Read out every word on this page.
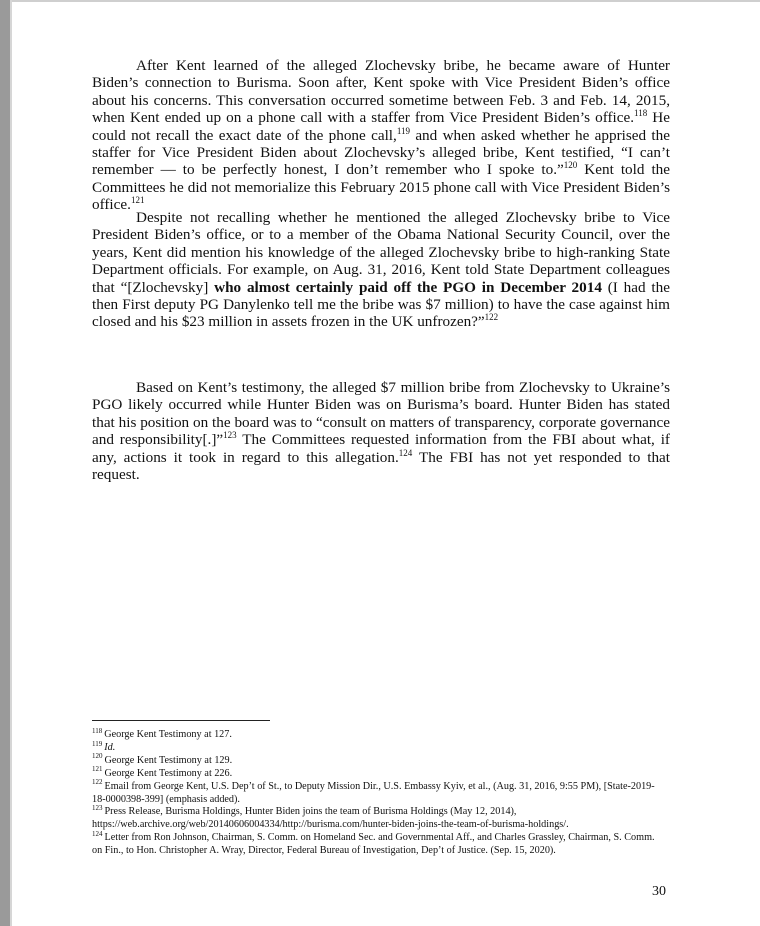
After Kent learned of the alleged Zlochevsky bribe, he became aware of Hunter Biden’s connection to Burisma. Soon after, Kent spoke with Vice President Biden’s office about his concerns. This conversation occurred sometime between Feb. 3 and Feb. 14, 2015, when Kent ended up on a phone call with a staffer from Vice President Biden’s office.$^{118}$ He could not recall the exact date of the phone call,$^{119}$ and when asked whether he apprised the staffer for Vice President Biden about Zlochevsky’s alleged bribe, Kent testified, “I can’t remember — to be perfectly honest, I don’t remember who I spoke to.”$^{120}$ Kent told the Committees he did not memorialize this February 2015 phone call with Vice President Biden’s office.$^{121}$

Despite not recalling whether he mentioned the alleged Zlochevsky bribe to Vice President Biden’s office, or to a member of the Obama National Security Council, over the years, Kent did mention his knowledge of the alleged Zlochevsky bribe to high-ranking State Department officials. For example, on Aug. 31, 2016, Kent told State Department colleagues that “[Zlochevsky] who almost certainly paid off the PGO in December 2014 (I had the then First deputy PG Danylenko tell me the bribe was $7 million) to have the case against him closed and his $23 million in assets frozen in the UK unfrozen?”$^{122}$

Based on Kent’s testimony, the alleged $7 million bribe from Zlochevsky to Ukraine’s PGO likely occurred while Hunter Biden was on Burisma’s board. Hunter Biden has stated that his position on the board was to “consult on matters of transparency, corporate governance and responsibility[.]”$^{123}$ The Committees requested information from the FBI about what, if any, actions it took in regard to this allegation.$^{124}$ The FBI has not yet responded to that request.

$^{118}$ George Kent Testimony at 127.

$^{119}$ Id.

$^{120}$ George Kent Testimony at 129.

$^{121}$ George Kent Testimony at 226.

$^{122}$ Email from George Kent, U.S. Dep’t of St., to Deputy Mission Dir., U.S. Embassy Kyiv, et al., (Aug. 31, 2016, 9:55 PM), [State-2019-18-0000398-399] (emphasis added).

$^{123}$ Press Release, Burisma Holdings, Hunter Biden joins the team of Burisma Holdings (May 12, 2014), https://web.archive.org/web/20140606004334/http://burisma.com/hunter-biden-joins-the-team-of-burisma-holdings/.

$^{124}$ Letter from Ron Johnson, Chairman, S. Comm. on Homeland Sec. and Governmental Aff., and Charles Grassley, Chairman, S. Comm. on Fin., to Hon. Christopher A. Wray, Director, Federal Bureau of Investigation, Dep’t of Justice. (Sep. 15, 2020).

30
